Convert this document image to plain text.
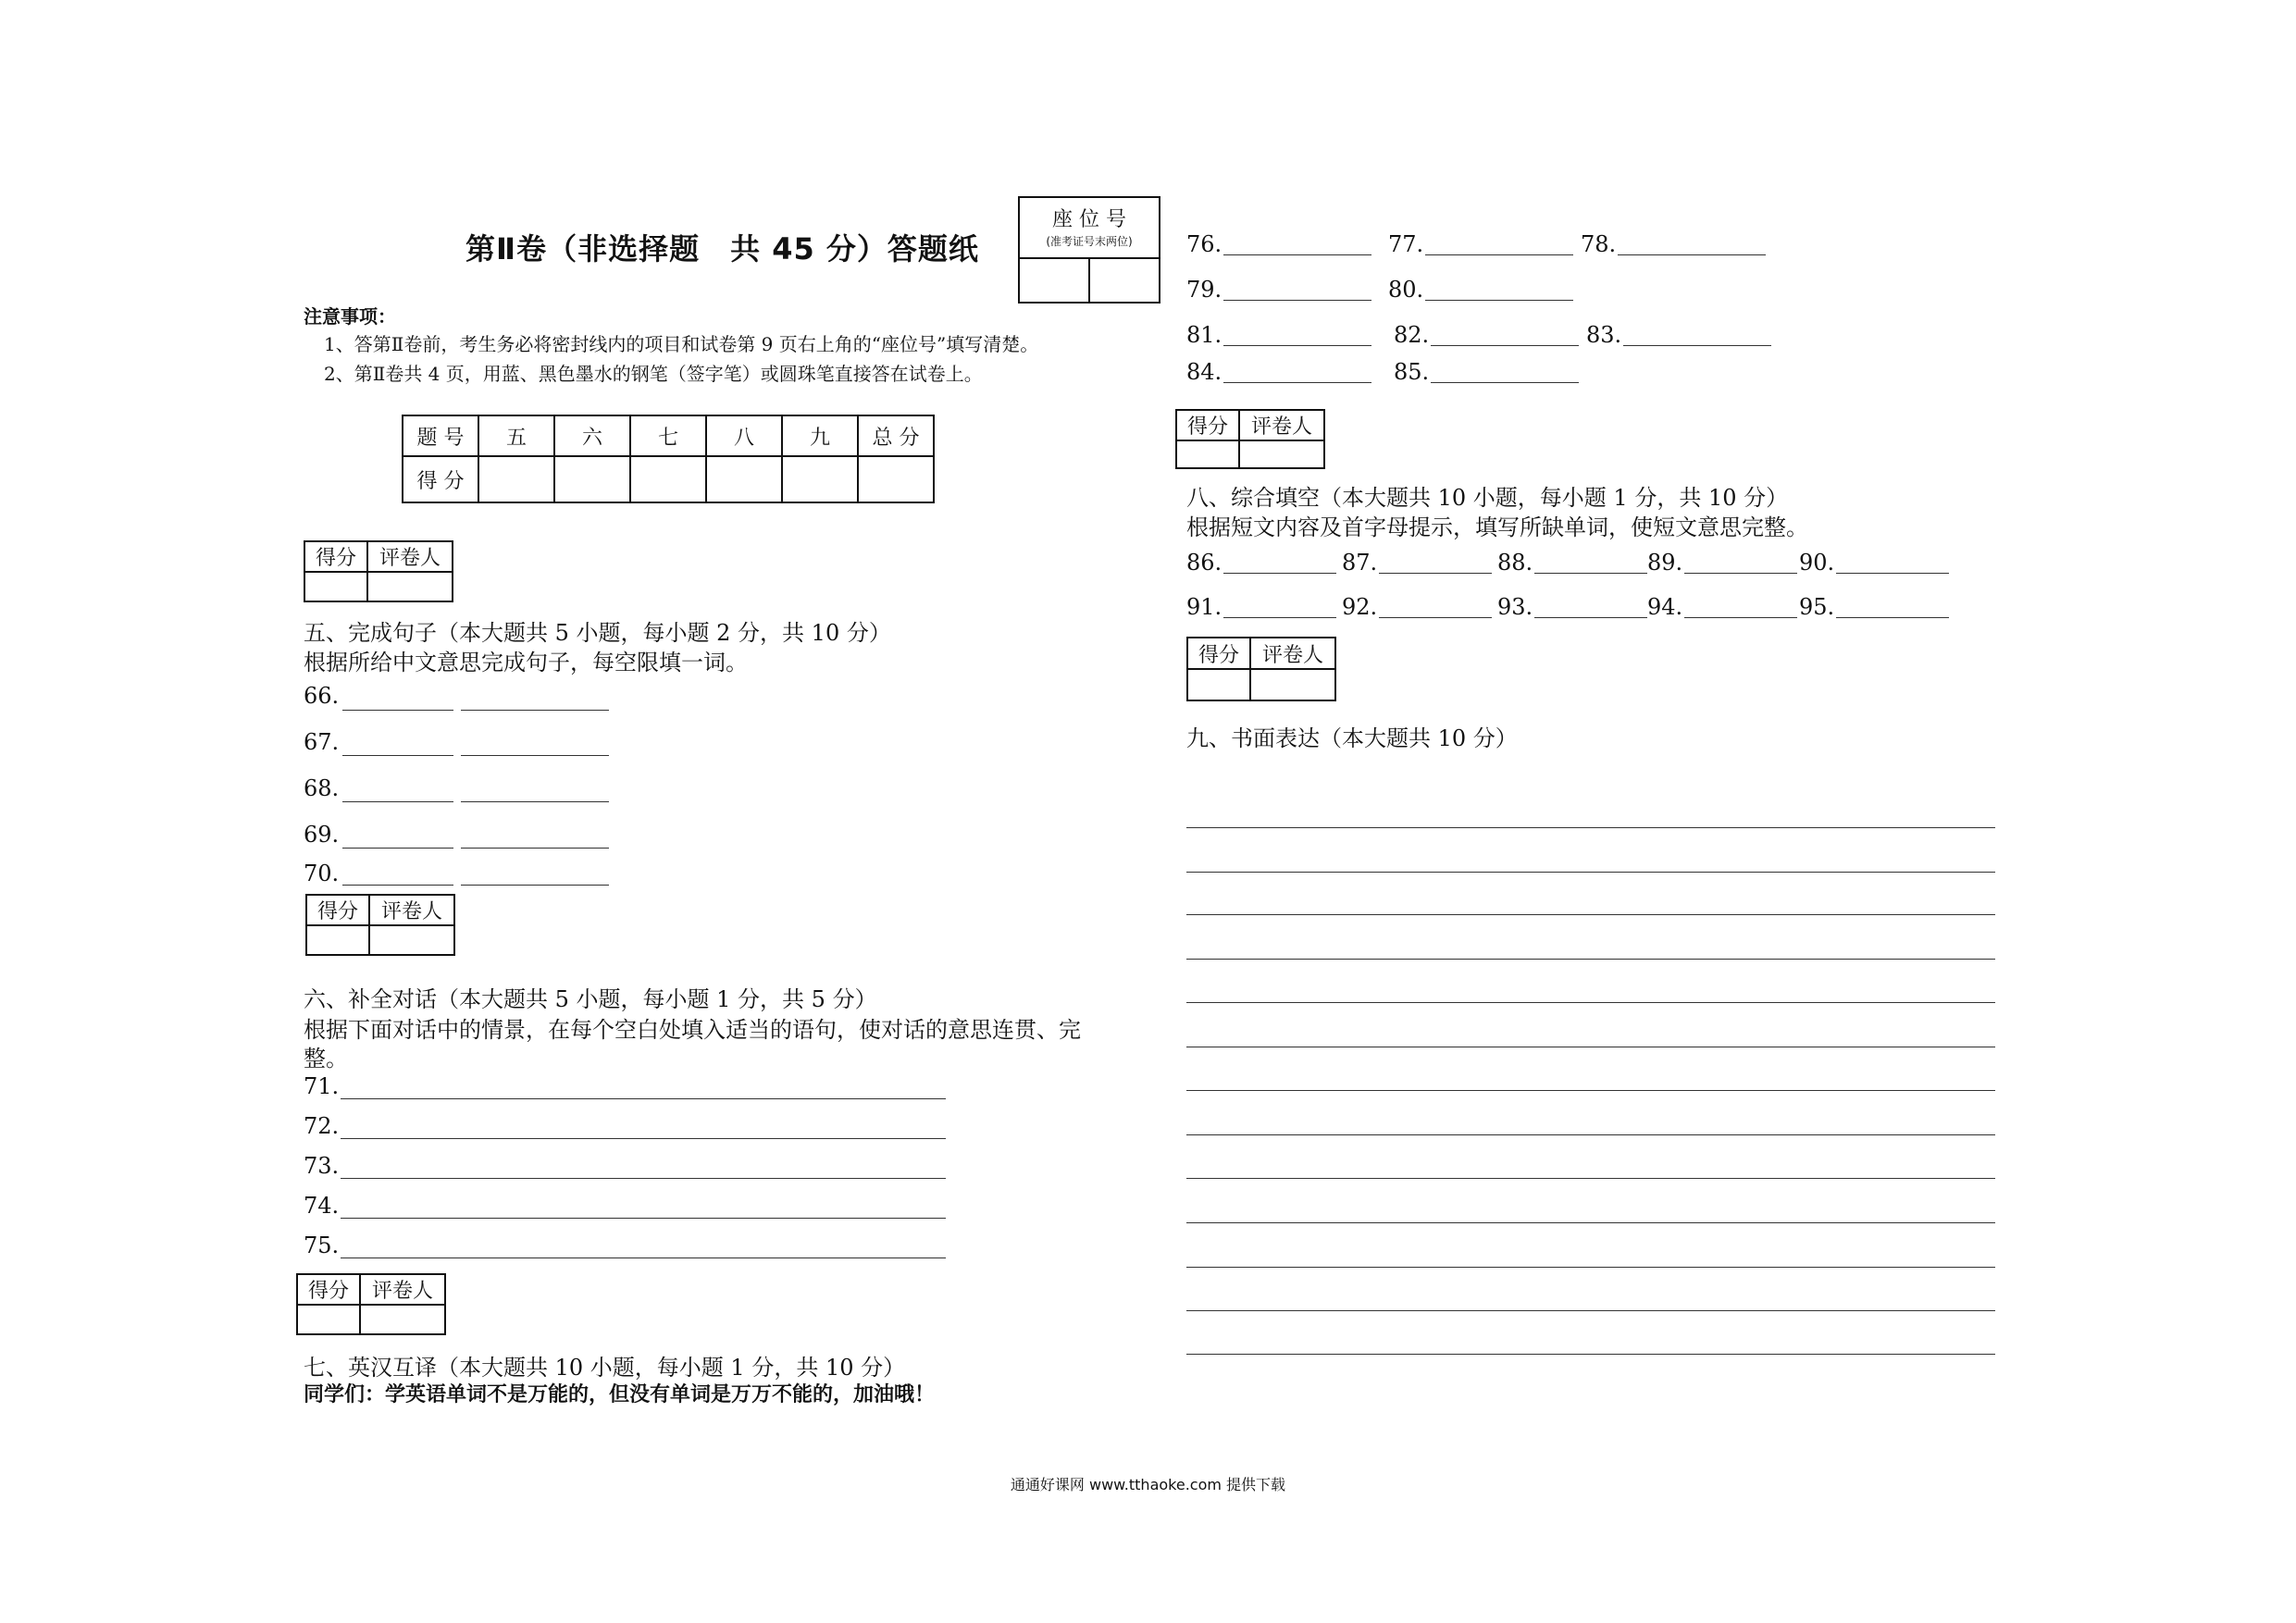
第Ⅱ卷（非选择题　共 45 分）答题纸
座 位 号
(准考证号末两位)
注意事项：
1、答第Ⅱ卷前，考生务必将密封线内的项目和试卷第 9 页右上角的“座位号”填写清楚。
2、第Ⅱ卷共 4 页，用蓝、黑色墨水的钢笔（签字笔）或圆珠笔直接答在试卷上。
题 号	五	六	七	八	九	总 分
得 分						
得分	评卷人

五、完成句子（本大题共 5 小题，每小题 2 分，共 10 分）
根据所给中文意思完成句子，每空限填一词。
66.
67.
68.
69.
70.
得分	评卷人

六、补全对话（本大题共 5 小题，每小题 1 分，共 5 分）
根据下面对话中的情景，在每个空白处填入适当的语句，使对话的意思连贯、完
整。
71.
72.
73.
74.
75.
得分	评卷人

七、英汉互译（本大题共 10 小题，每小题 1 分，共 10 分）
同学们：学英语单词不是万能的，但没有单词是万万不能的，加油哦！
76.	77.	78.
79.	80.
81.	82.	83.
84.	85.
得分	评卷人

八、综合填空（本大题共 10 小题，每小题 1 分，共 10 分）
根据短文内容及首字母提示，填写所缺单词，使短文意思完整。
86.	87.	88.	89.	90.
91.	92.	93.	94.	95.
得分	评卷人

九、书面表达（本大题共 10 分）
通通好课网 www.tthaoke.com 提供下载
